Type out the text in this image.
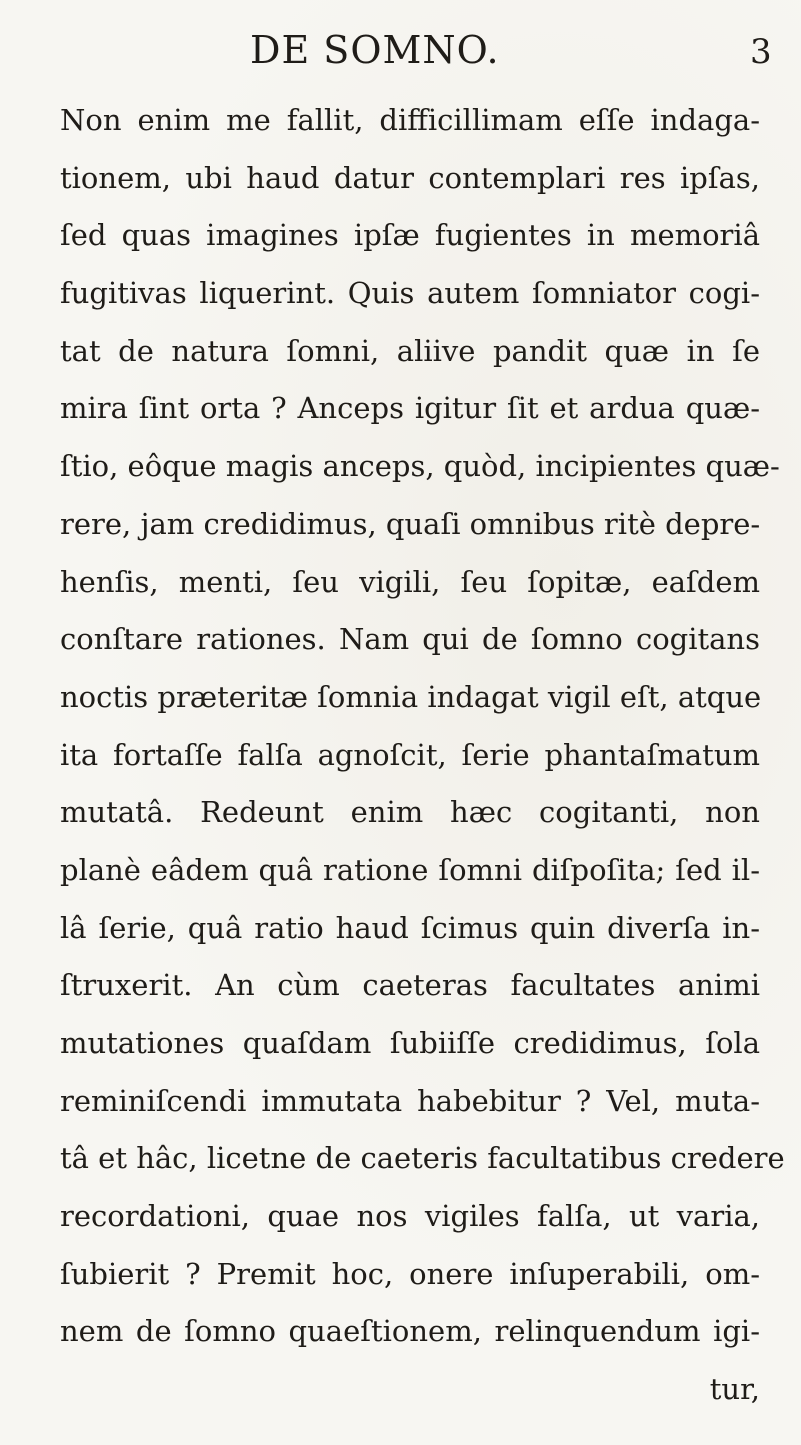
DE SOMNO.	3
Non enim me fallit, difficillimam eſſe indaga-
tionem, ubi haud datur contemplari res ipſas,
ſed quas imagines ipſæ fugientes in memoriâ
fugitivas liquerint. Quis autem ſomniator cogi-
tat de natura ſomni, aliive pandit quæ in ſe
mira ſint orta ? Anceps igitur ſit et ardua quæ-
ſtio, eôque magis anceps, quòd, incipientes quæ-
rere, jam credidimus, quaſi omnibus ritè depre-
henſis, menti, ſeu vigili, ſeu ſopitæ, eaſdem
conſtare rationes. Nam qui de ſomno cogitans
noctis præteritæ ſomnia indagat vigil eſt, atque
ita fortaſſe falſa agnoſcit, ſerie phantaſmatum
mutatâ. Redeunt enim hæc cogitanti, non
planè eâdem quâ ratione ſomni diſpoſita; ſed il-
lâ ſerie, quâ ratio haud ſcimus quin diverſa in-
ſtruxerit. An cùm caeteras facultates animi
mutationes quaſdam ſubiiſſe credidimus, ſola
reminiſcendi immutata habebitur ? Vel, muta-
tâ et hâc, licetne de caeteris facultatibus credere
recordationi, quae nos vigiles falſa, ut varia,
ſubierit ? Premit hoc, onere inſuperabili, om-
nem de ſomno quaeſtionem, relinquendum igi-
tur,
